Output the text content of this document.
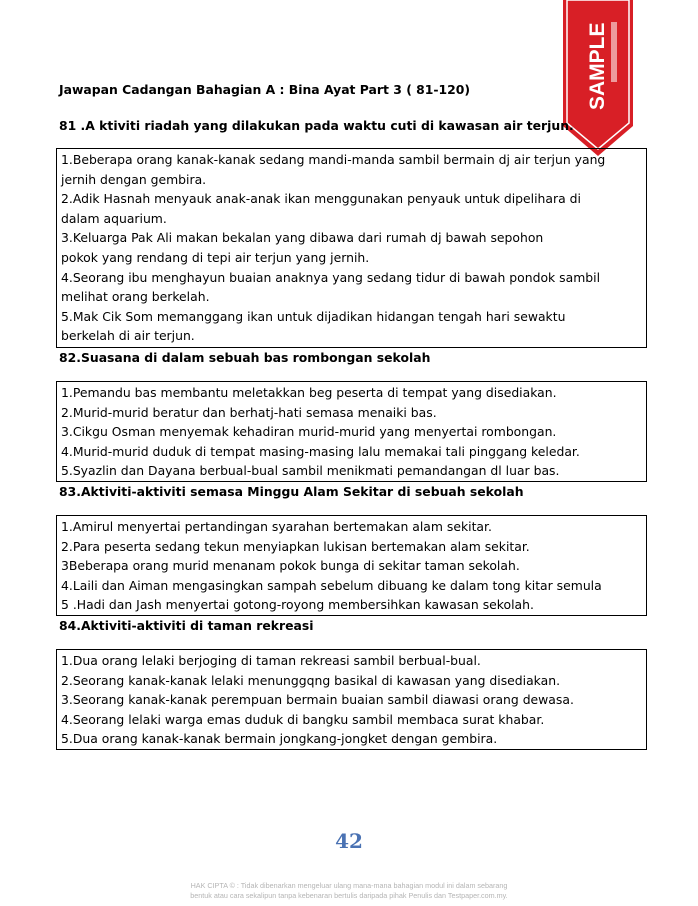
SAMPLE
Jawapan Cadangan Bahagian A : Bina Ayat Part 3 ( 81-120)
81 .A ktiviti riadah yang dilakukan pada waktu cuti di kawasan air terjun.
1.Beberapa orang kanak-kanak sedang mandi-manda sambil bermain dj air terjun yang
jernih dengan gembira.
2.Adik Hasnah menyauk anak-anak ikan menggunakan penyauk untuk dipelihara di
dalam aquarium.
3.Keluarga Pak Ali makan bekalan yang dibawa dari rumah dj bawah sepohon
pokok yang rendang di tepi air terjun yang jernih.
4.Seorang ibu menghayun buaian anaknya yang sedang tidur di bawah pondok sambil
melihat orang berkelah.
5.Mak Cik Som memanggang ikan untuk dijadikan hidangan tengah hari sewaktu
berkelah di air terjun.
82.Suasana di dalam sebuah bas rombongan sekolah
1.Pemandu bas membantu meletakkan beg peserta di tempat yang disediakan.
2.Murid-murid beratur dan berhatj-hati semasa menaiki bas.
3.Cikgu Osman menyemak kehadiran murid-murid yang menyertai rombongan.
4.Murid-murid duduk di tempat masing-masing lalu memakai tali pinggang keledar.
5.Syazlin dan Dayana berbual-bual sambil menikmati pemandangan dl luar bas.
83.Aktiviti-aktiviti semasa Minggu Alam Sekitar di sebuah sekolah
1.Amirul menyertai pertandingan syarahan bertemakan alam sekitar.
2.Para peserta sedang tekun menyiapkan lukisan bertemakan alam sekitar.
3Beberapa orang murid menanam pokok bunga di sekitar taman sekolah.
4.Laili dan Aiman mengasingkan sampah sebelum dibuang ke dalam tong kitar semula
5 .Hadi dan Jash menyertai gotong-royong membersihkan kawasan sekolah.
84.Aktiviti-aktiviti di taman rekreasi
1.Dua orang lelaki berjoging di taman rekreasi sambil berbual-bual.
2.Seorang kanak-kanak lelaki menunggqng basikal di kawasan yang disediakan.
3.Seorang kanak-kanak perempuan bermain buaian sambil diawasi orang dewasa.
4.Seorang lelaki warga emas duduk di bangku sambil membaca surat khabar.
5.Dua orang kanak-kanak bermain jongkang-jongket dengan gembira.
42
HAK CIPTA © : Tidak dibenarkan mengeluar ulang mana-mana bahagian modul ini dalam sebarang
bentuk atau cara sekalipun tanpa kebenaran bertulis daripada pihak Penulis dan Testpaper.com.my.
